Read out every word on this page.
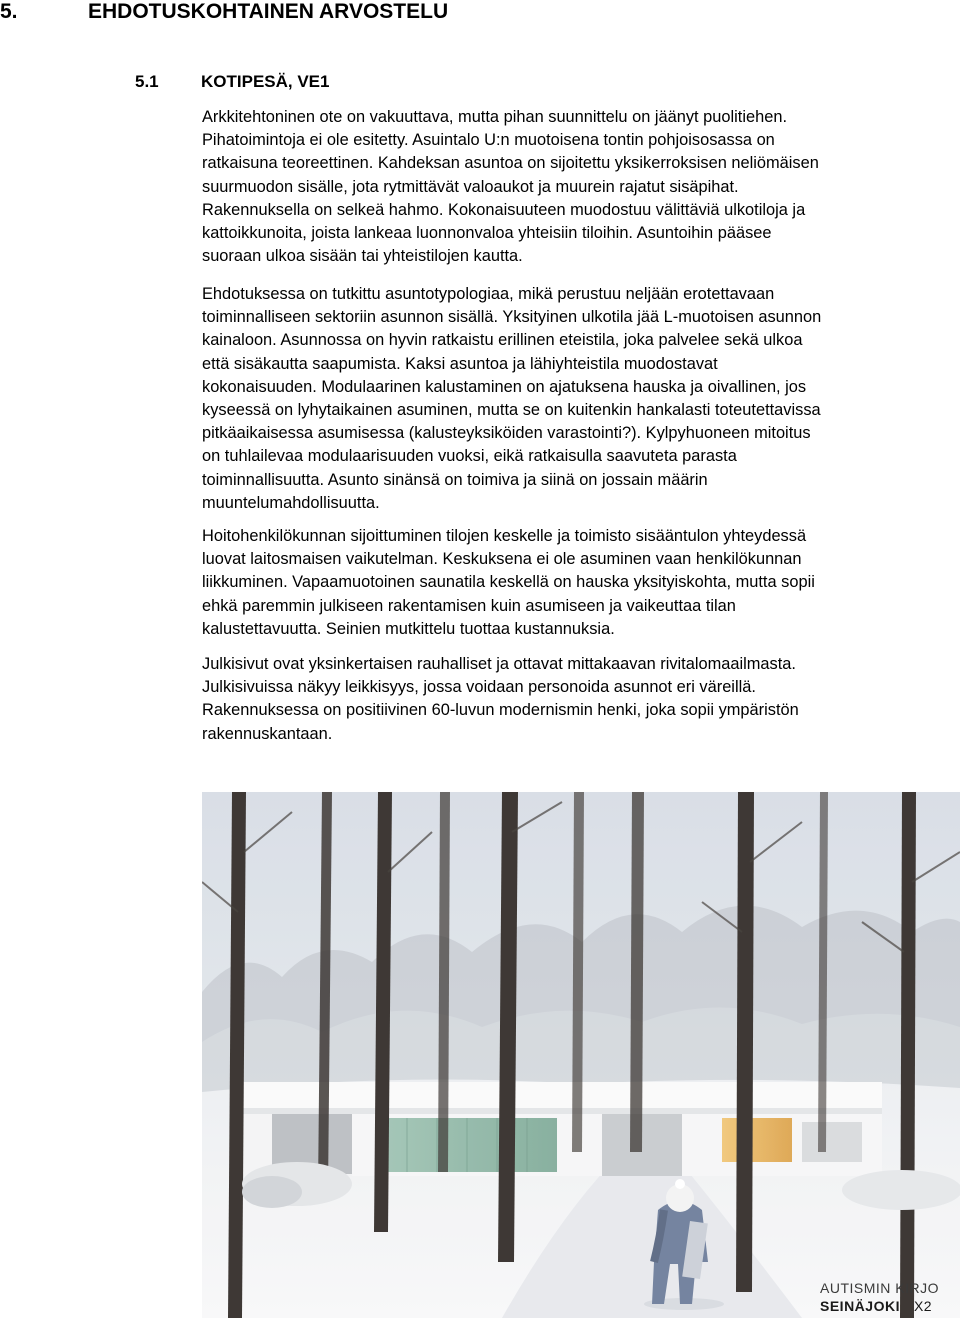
5.	EHDOTUSKOHTAINEN ARVOSTELU
5.1 KOTIPESÄ, VE1
Arkkitehtoninen ote on vakuuttava, mutta pihan suunnittelu on jäänyt puolitiehen.
Pihatoimintoja ei ole esitetty. Asuintalo U:n muotoisena tontin pohjoisosassa on
ratkaisuna teoreettinen. Kahdeksan asuntoa on sijoitettu yksikerroksisen neliömäisen
suurmuodon sisälle, jota rytmittävät valoaukot ja muurein rajatut sisäpihat.
Rakennuksella on selkeä hahmo. Kokonaisuuteen muodostuu välittäviä ulkotiloja ja
kattoikkunoita, joista lankeaa luonnonvaloa yhteisiin tiloihin. Asuntoihin pääsee
suoraan ulkoa sisään tai yhteistilojen kautta.
Ehdotuksessa on tutkittu asuntotypologiaa, mikä perustuu neljään erotettavaan
toiminnalliseen sektoriin asunnon sisällä. Yksityinen ulkotila jää L-muotoisen asunnon
kainaloon. Asunnossa on hyvin ratkaistu erillinen eteistila, joka palvelee sekä ulkoa
että sisäkautta saapumista. Kaksi asuntoa ja lähiyhteistila muodostavat
kokonaisuuden. Modulaarinen kalustaminen on ajatuksena hauska ja oivallinen, jos
kyseessä on lyhytaikainen asuminen, mutta se on kuitenkin hankalasti toteutettavissa
pitkäaikaisessa asumisessa (kalusteyksiköiden varastointi?). Kylpyhuoneen mitoitus
on tuhlailevaa modulaarisuuden vuoksi, eikä ratkaisulla saavuteta parasta
toiminnallisuutta. Asunto sinänsä on toimiva ja siinä on jossain määrin
muuntelumahdollisuutta.
Hoitohenkilökunnan sijoittuminen tilojen keskelle ja toimisto sisääntulon yhteydessä
luovat laitosmaisen vaikutelman. Keskuksena ei ole asuminen vaan henkilökunnan
liikkuminen. Vapaamuotoinen saunatila keskellä on hauska yksityiskohta, mutta sopii
ehkä paremmin julkiseen rakentamisen kuin asumiseen ja vaikeuttaa tilan
kalustettavuutta. Seinien mutkittelu tuottaa kustannuksia.
Julkisivut ovat yksinkertaisen rauhalliset ja ottavat mittakaavan rivitalomaailmasta.
Julkisivuissa näkyy leikkisyys, jossa voidaan personoida asunnot eri väreillä.
Rakennuksessa on positiivinen 60-luvun modernismin henki, joka sopii ympäristön
rakennuskantaan.
AUTISMIN KIRJO
SEINÄJOKI X2
